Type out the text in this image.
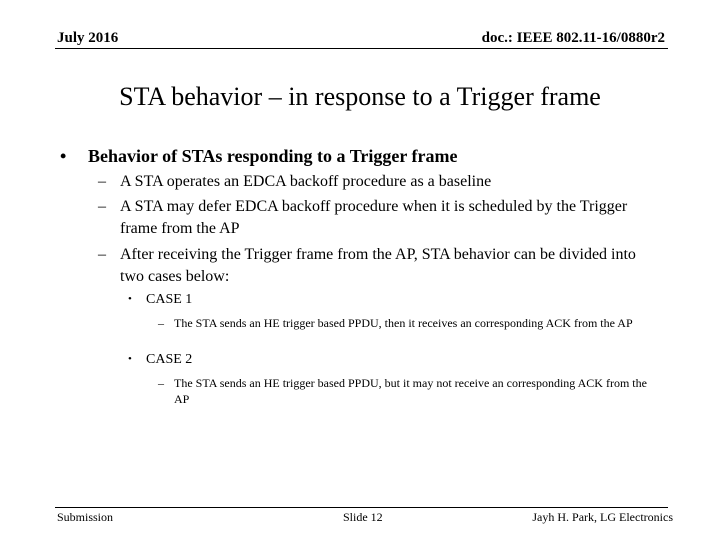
July 2016	doc.: IEEE 802.11-16/0880r2
STA behavior – in response to a Trigger frame
• Behavior of STAs responding to a Trigger frame
– A STA operates an EDCA backoff procedure as a baseline
– A STA may defer EDCA backoff procedure when it is scheduled by the Trigger frame from the AP
– After receiving the Trigger frame from the AP, STA behavior can be divided into two cases below:
• CASE 1
– The STA sends an HE trigger based PPDU, then it receives an corresponding ACK from the AP
• CASE 2
– The STA sends an HE trigger based PPDU, but it may not receive an corresponding ACK from the AP
Submission	Slide 12	Jayh H. Park, LG Electronics
